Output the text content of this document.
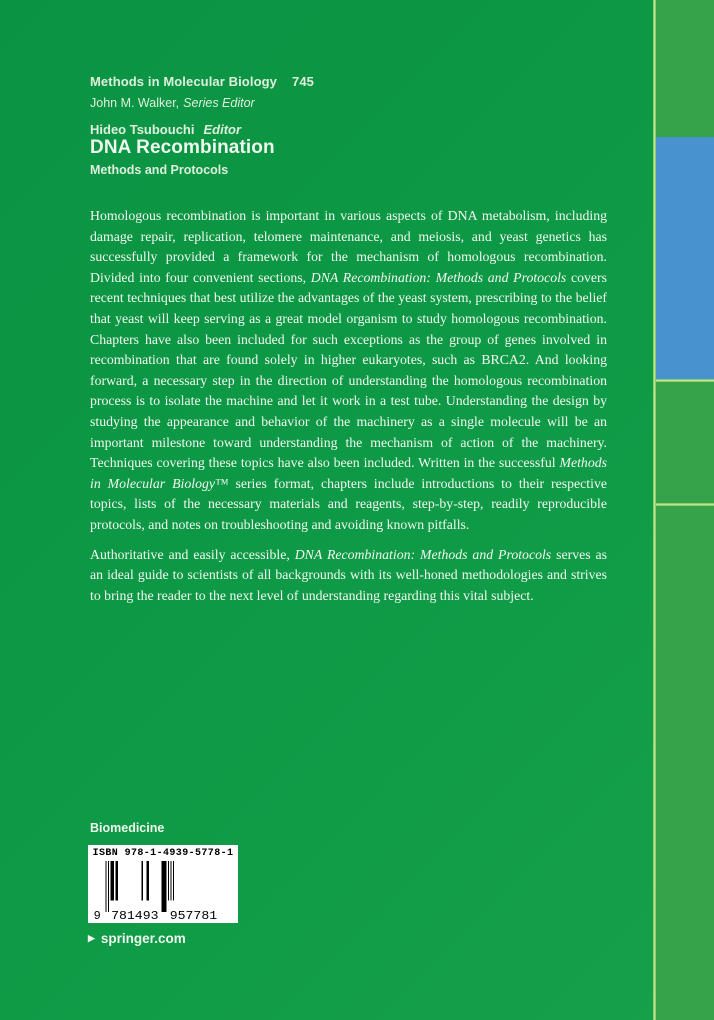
Methods in Molecular Biology 745
John M. Walker, Series Editor
Hideo Tsubouchi Editor
DNA Recombination
Methods and Protocols

Homologous recombination is important in various aspects of DNA metabolism, including damage repair, replication, telomere maintenance, and meiosis, and yeast genetics has successfully provided a framework for the mechanism of homologous recombination. Divided into four convenient sections, DNA Recombination: Methods and Protocols covers recent techniques that best utilize the advantages of the yeast system, prescribing to the belief that yeast will keep serving as a great model organism to study homologous recombination. Chapters have also been included for such exceptions as the group of genes involved in recombination that are found solely in higher eukaryotes, such as BRCA2. And looking forward, a necessary step in the direction of understanding the homologous recombination process is to isolate the machine and let it work in a test tube. Understanding the design by studying the appearance and behavior of the machinery as a single molecule will be an important milestone toward understanding the mechanism of action of the machinery. Techniques covering these topics have also been included. Written in the successful Methods in Molecular Biology™ series format, chapters include introductions to their respective topics, lists of the necessary materials and reagents, step-by-step, readily reproducible protocols, and notes on troubleshooting and avoiding known pitfalls.

Authoritative and easily accessible, DNA Recombination: Methods and Protocols serves as an ideal guide to scientists of all backgrounds with its well-honed methodologies and strives to bring the reader to the next level of understanding regarding this vital subject.

Biomedicine
ISBN 978-1-4939-5778-1
9 781493 957781
▶ springer.com
